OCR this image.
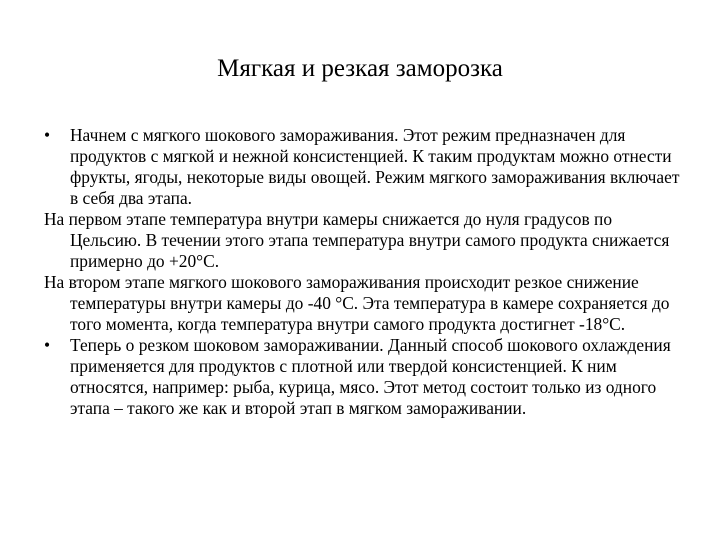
Мягкая и резкая заморозка

•	Начнем с мягкого шокового замораживания. Этот режим предназначен для продуктов с мягкой и нежной консистенцией. К таким продуктам можно отнести фрукты, ягоды, некоторые виды овощей. Режим мягкого замораживания включает в себя два этапа.

На первом этапе температура внутри камеры снижается до нуля градусов по Цельсию. В течении этого этапа температура внутри самого продукта снижается примерно до +20°С.

На втором этапе мягкого шокового замораживания происходит резкое снижение температуры внутри камеры до -40 °С. Эта температура в камере сохраняется до того момента, когда температура внутри самого продукта достигнет -18°С.

•	Теперь о резком шоковом замораживании. Данный способ шокового охлаждения применяется для продуктов с плотной или твердой консистенцией. К ним относятся, например: рыба, курица, мясо. Этот метод состоит только из одного этапа – такого же как и второй этап в мягком замораживании.
